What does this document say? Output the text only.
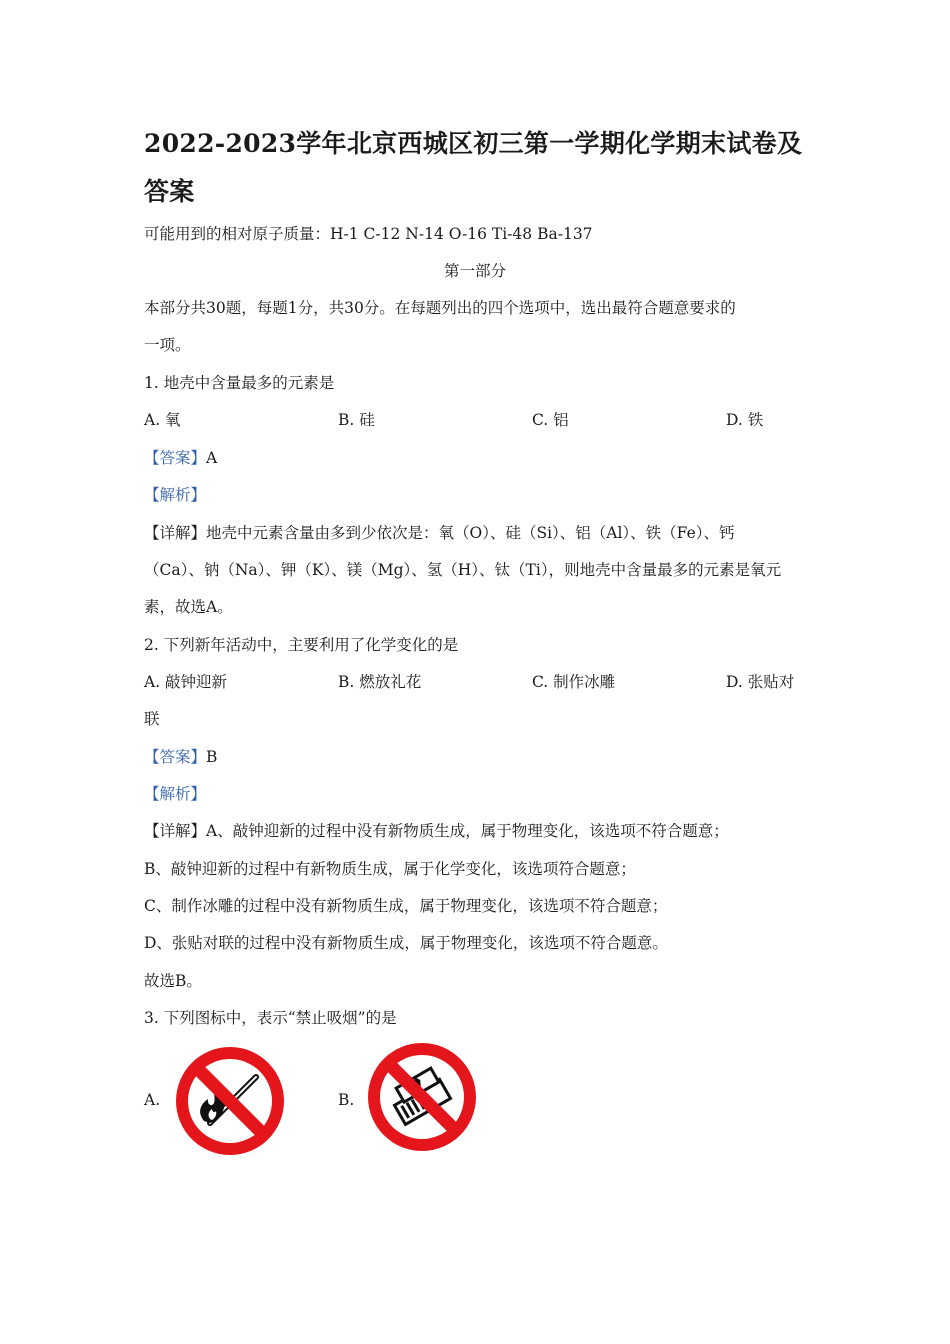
2022-2023学年北京西城区初三第一学期化学期末试卷及答案
可能用到的相对原子质量：H-1 C-12 N-14 O-16 Ti-48 Ba-137
第一部分
本部分共30题，每题1分，共30分。在每题列出的四个选项中，选出最符合题意要求的
一项。
1. 地壳中含量最多的元素是
A. 氧	B. 硅	C. 铝	D. 铁
【答案】A
【解析】
【详解】地壳中元素含量由多到少依次是：氧（O）、硅（Si）、铝（Al）、铁（Fe）、钙
（Ca）、钠（Na）、钾（K）、镁（Mg）、氢（H）、钛（Ti），则地壳中含量最多的元素是氧元
素，故选A。
2. 下列新年活动中，主要利用了化学变化的是
A. 敲钟迎新	B. 燃放礼花	C. 制作冰雕	D. 张贴对
联
【答案】B
【解析】
【详解】A、敲钟迎新的过程中没有新物质生成，属于物理变化，该选项不符合题意；
B、敲钟迎新的过程中有新物质生成，属于化学变化，该选项符合题意；
C、制作冰雕的过程中没有新物质生成，属于物理变化，该选项不符合题意；
D、张贴对联的过程中没有新物质生成，属于物理变化，该选项不符合题意。
故选B。
3. 下列图标中，表示“禁止吸烟”的是
A.	B.
